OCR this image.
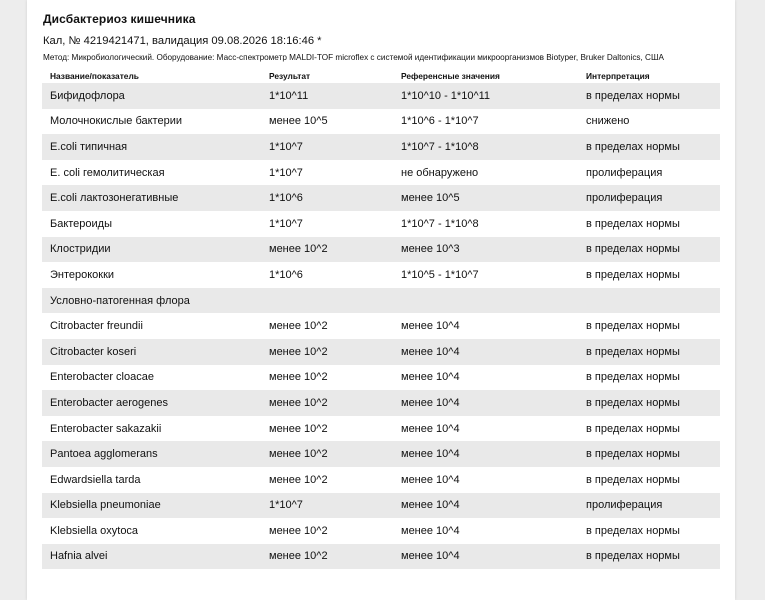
Дисбактериоз кишечника
Кал, № 4219421471, валидация 09.08.2026 18:16:46 *
Метод: Микробиологический. Оборудование: Масс-спектрометр MALDI-TOF microflex с системой идентификации микроорганизмов Biotyper, Bruker Daltonics, США
Название/показатель	Результат	Референсные значения	Интерпретация
Бифидофлора	1*10^11	1*10^10 - 1*10^11	в пределах нормы
Молочнокислые бактерии	менее 10^5	1*10^6 - 1*10^7	снижено
E.coli типичная	1*10^7	1*10^7 - 1*10^8	в пределах нормы
E. coli гемолитическая	1*10^7	не обнаружено	пролиферация
E.coli лактозонегативные	1*10^6	менее 10^5	пролиферация
Бактероиды	1*10^7	1*10^7 - 1*10^8	в пределах нормы
Клостридии	менее 10^2	менее 10^3	в пределах нормы
Энтерококки	1*10^6	1*10^5 - 1*10^7	в пределах нормы
Условно-патогенная флора			
Citrobacter freundii	менее 10^2	менее 10^4	в пределах нормы
Citrobacter koseri	менее 10^2	менее 10^4	в пределах нормы
Enterobacter cloacae	менее 10^2	менее 10^4	в пределах нормы
Enterobacter aerogenes	менее 10^2	менее 10^4	в пределах нормы
Enterobacter sakazakii	менее 10^2	менее 10^4	в пределах нормы
Pantoea agglomerans	менее 10^2	менее 10^4	в пределах нормы
Edwardsiella tarda	менее 10^2	менее 10^4	в пределах нормы
Klebsiella pneumoniae	1*10^7	менее 10^4	пролиферация
Klebsiella oxytoca	менее 10^2	менее 10^4	в пределах нормы
Hafnia alvei	менее 10^2	менее 10^4	в пределах нормы
